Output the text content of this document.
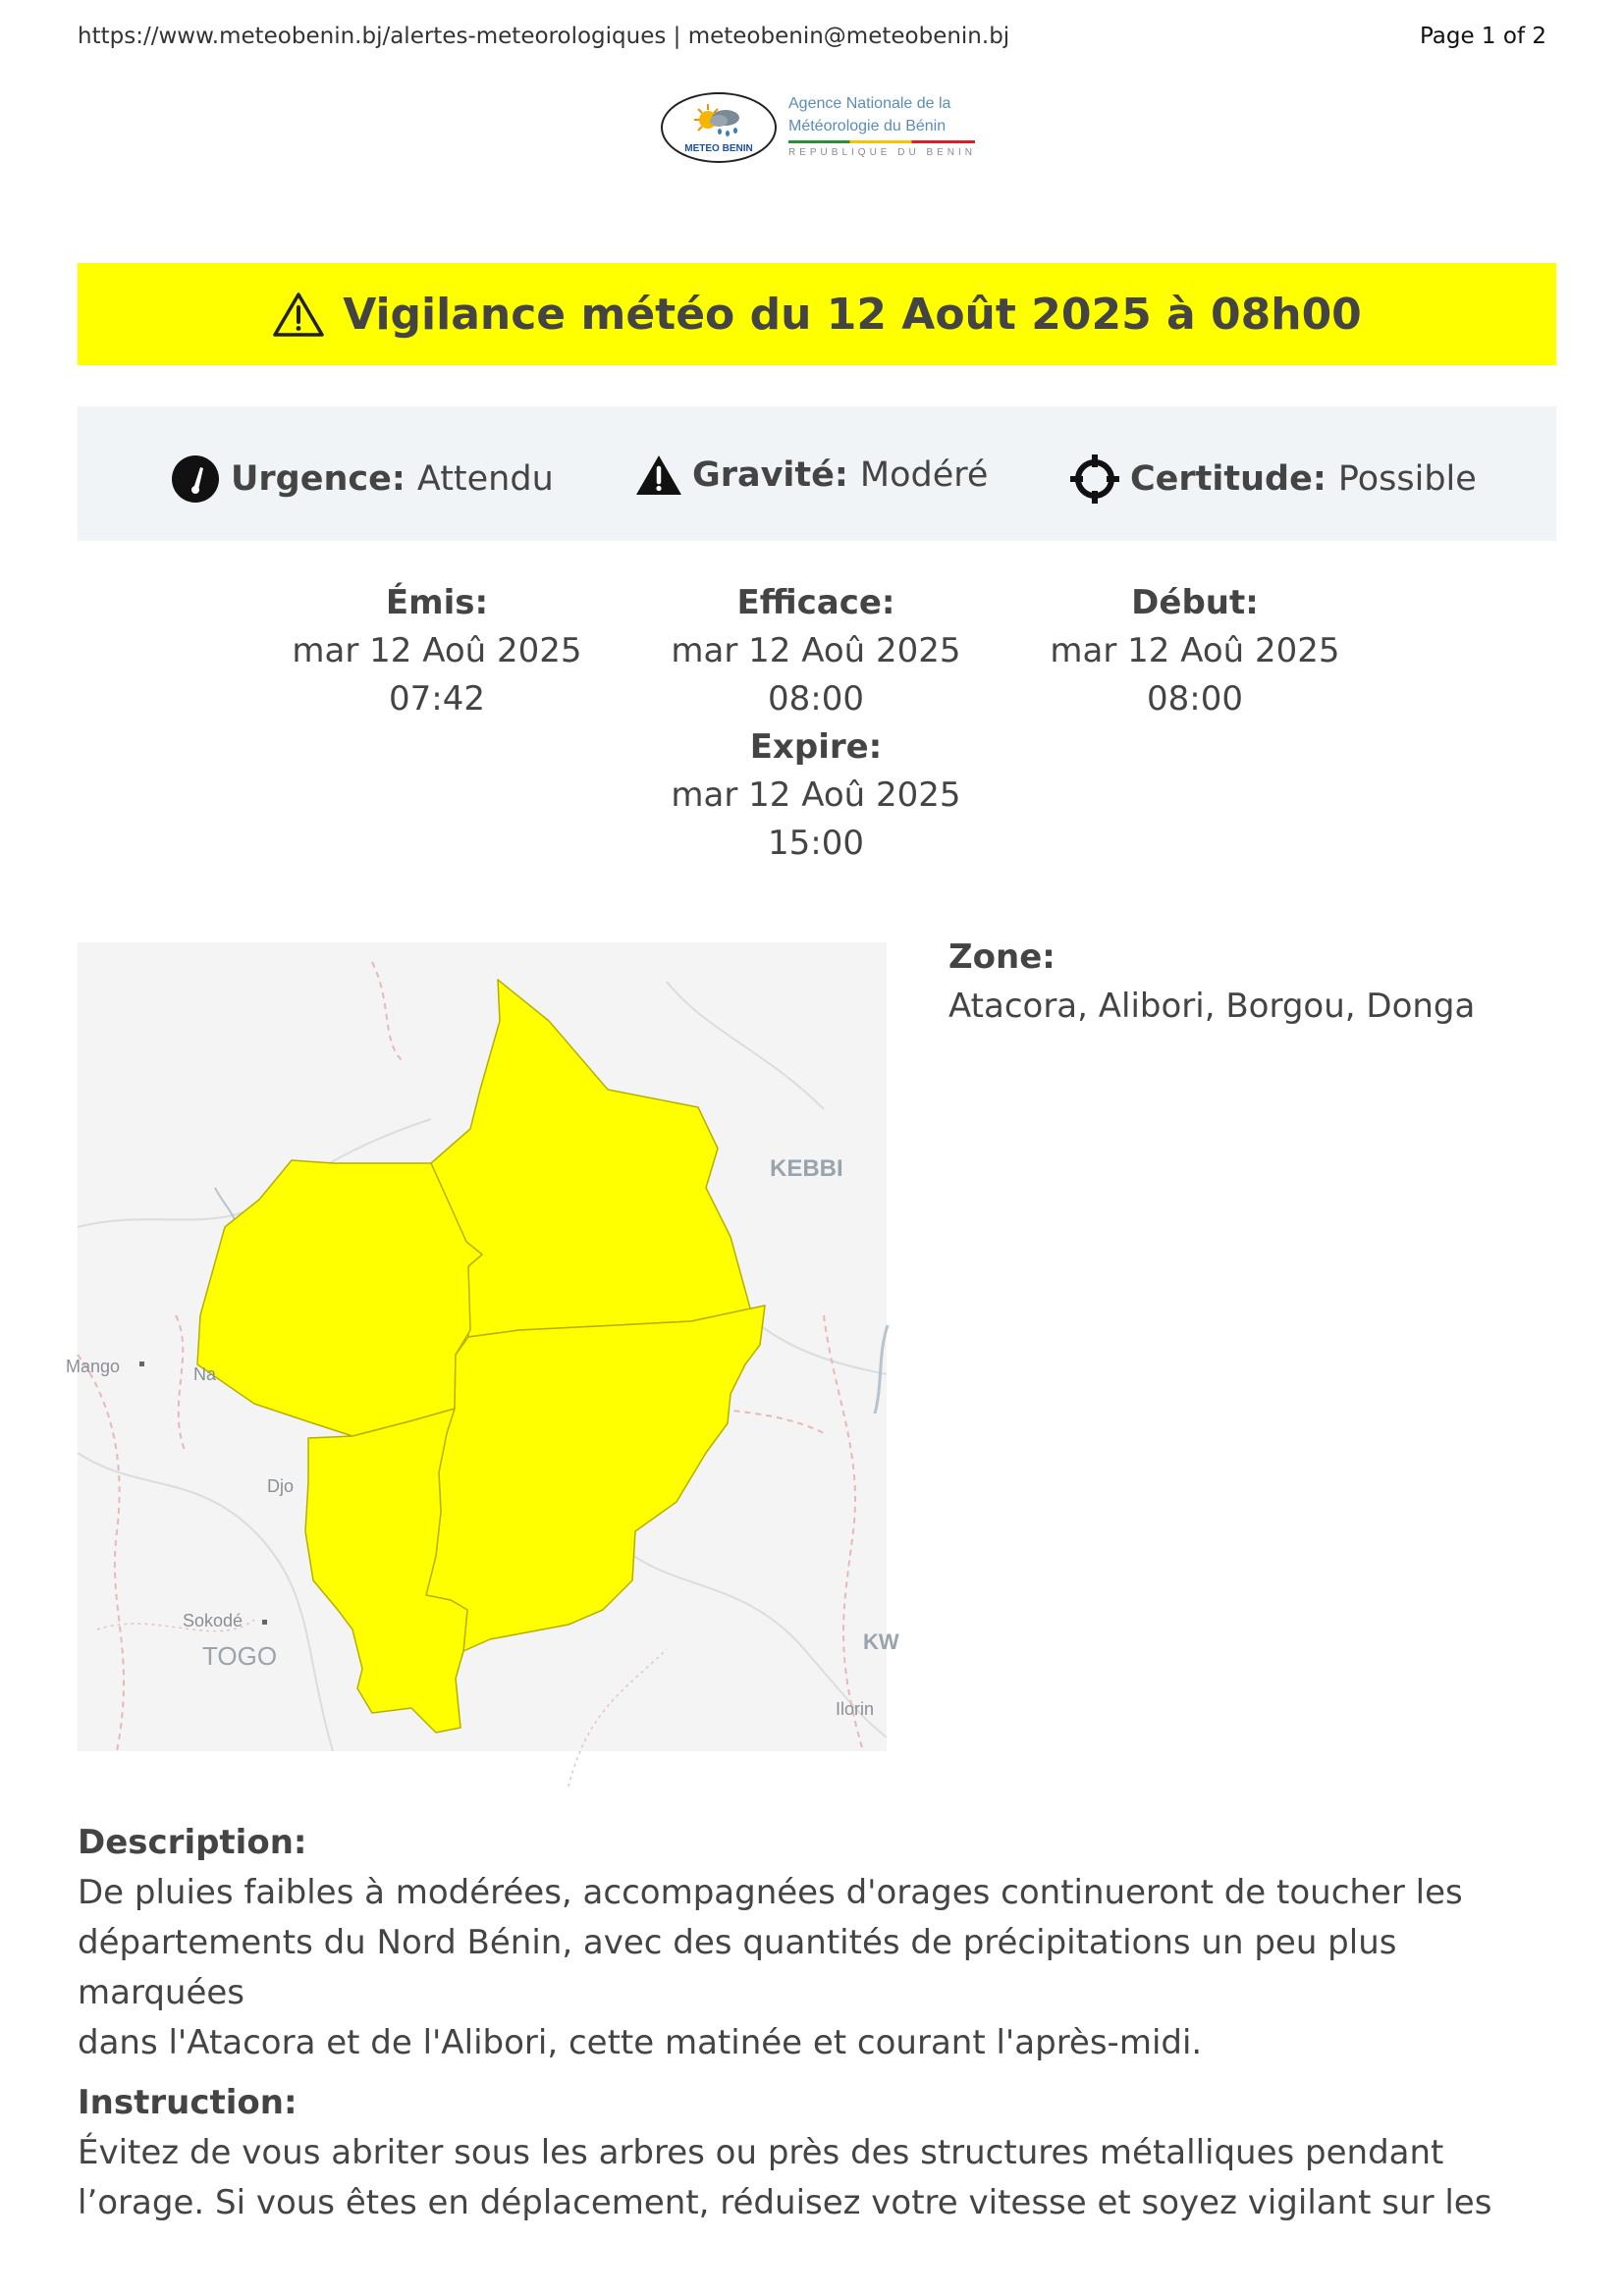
https://www.meteobenin.bj/alertes-meteorologiques | meteobenin@meteobenin.bj	Page 1 of 2
METEO BENIN
Agence Nationale de la
Météorologie du Bénin
REPUBLIQUE DU BENIN
Vigilance météo du 12 Août 2025 à 08h00
Urgence: Attendu	Gravité: Modéré	Certitude: Possible
Émis:
mar 12 Aoû 2025
07:42
Efficace:
mar 12 Aoû 2025
08:00
Expire:
mar 12 Aoû 2025
15:00
Début:
mar 12 Aoû 2025
08:00
KEBBI
Mango	Na
Djo
Sokodé
TOGO	KW
Ilorin
Zone:
Atacora, Alibori, Borgou, Donga
Description:
De pluies faibles à modérées, accompagnées d'orages continueront de toucher les
départements du Nord Bénin, avec des quantités de précipitations un peu plus marquées
dans l'Atacora et de l'Alibori, cette matinée et courant l'après-midi.
Instruction:
Évitez de vous abriter sous les arbres ou près des structures métalliques pendant
l’orage. Si vous êtes en déplacement, réduisez votre vitesse et soyez vigilant sur les
